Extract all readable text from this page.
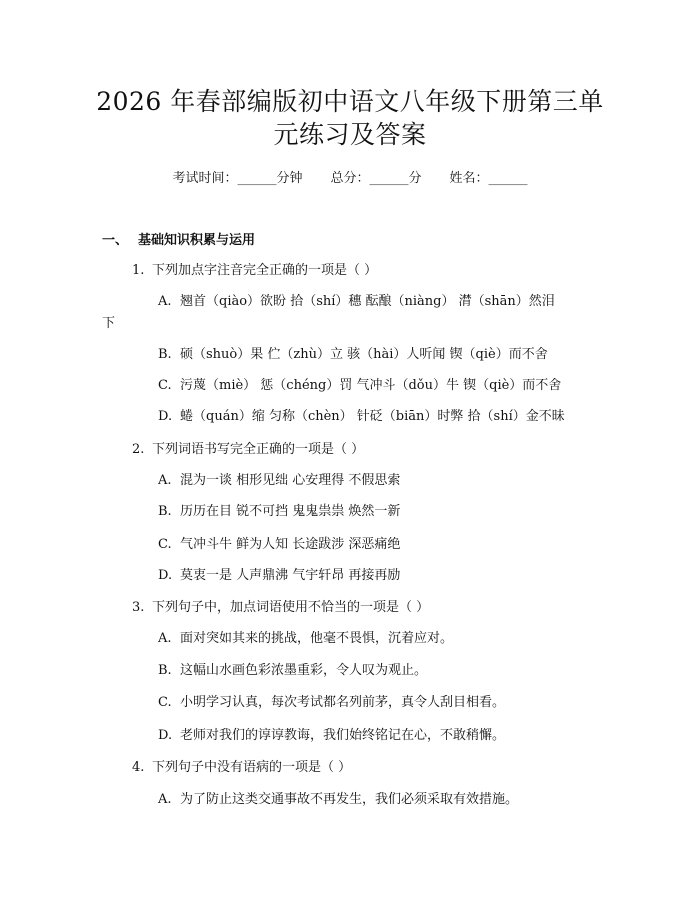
2026 年春部编版初中语文八年级下册第三单
元练习及答案
考试时间：______分钟 总分：______分 姓名：______
一、 基础知识积累与运用
1. 下列加点字注音完全正确的一项是（ ）
A. 翘首（qiào）欲盼 拾（shí）穗 酝酿（niàng） 潸（shān）然泪
下
B. 硕（shuò）果 伫（zhù）立 骇（hài）人听闻 锲（qiè）而不舍
C. 污蔑（miè） 惩（chéng）罚 气冲斗（dǒu）牛 锲（qiè）而不舍
D. 蜷（quán）缩 匀称（chèn） 针砭（biān）时弊 拾（shí）金不昧
2. 下列词语书写完全正确的一项是（ ）
A. 混为一谈 相形见绌 心安理得 不假思索
B. 历历在目 锐不可挡 鬼鬼祟祟 焕然一新
C. 气冲斗牛 鲜为人知 长途跋涉 深恶痛绝
D. 莫衷一是 人声鼎沸 气宇轩昂 再接再励
3. 下列句子中，加点词语使用不恰当的一项是（ ）
A. 面对突如其来的挑战，他毫不畏惧，沉着应对。
B. 这幅山水画色彩浓墨重彩，令人叹为观止。
C. 小明学习认真，每次考试都名列前茅，真令人刮目相看。
D. 老师对我们的谆谆教诲，我们始终铭记在心，不敢稍懈。
4. 下列句子中没有语病的一项是（ ）
A. 为了防止这类交通事故不再发生，我们必须采取有效措施。
